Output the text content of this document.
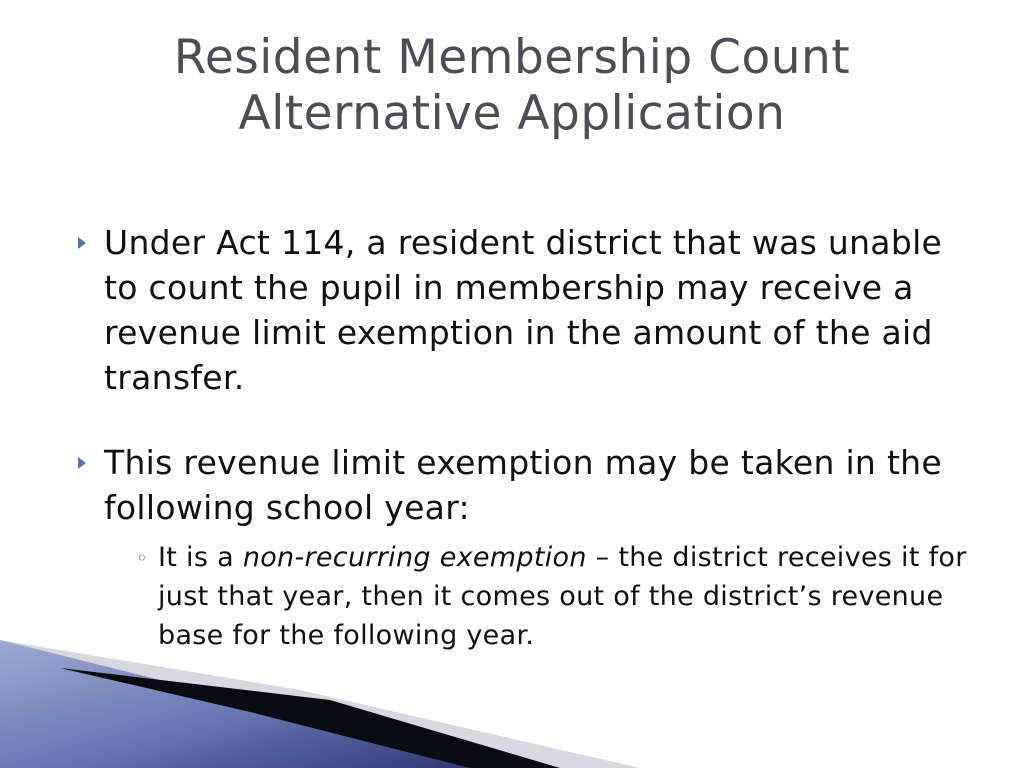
Resident Membership Count
Alternative Application
Under Act 114, a resident district that was unable to count the pupil in membership may receive a revenue limit exemption in the amount of the aid transfer.
This revenue limit exemption may be taken in the following school year:
◦ It is a non-recurring exemption – the district receives it for just that year, then it comes out of the district’s revenue base for the following year.
